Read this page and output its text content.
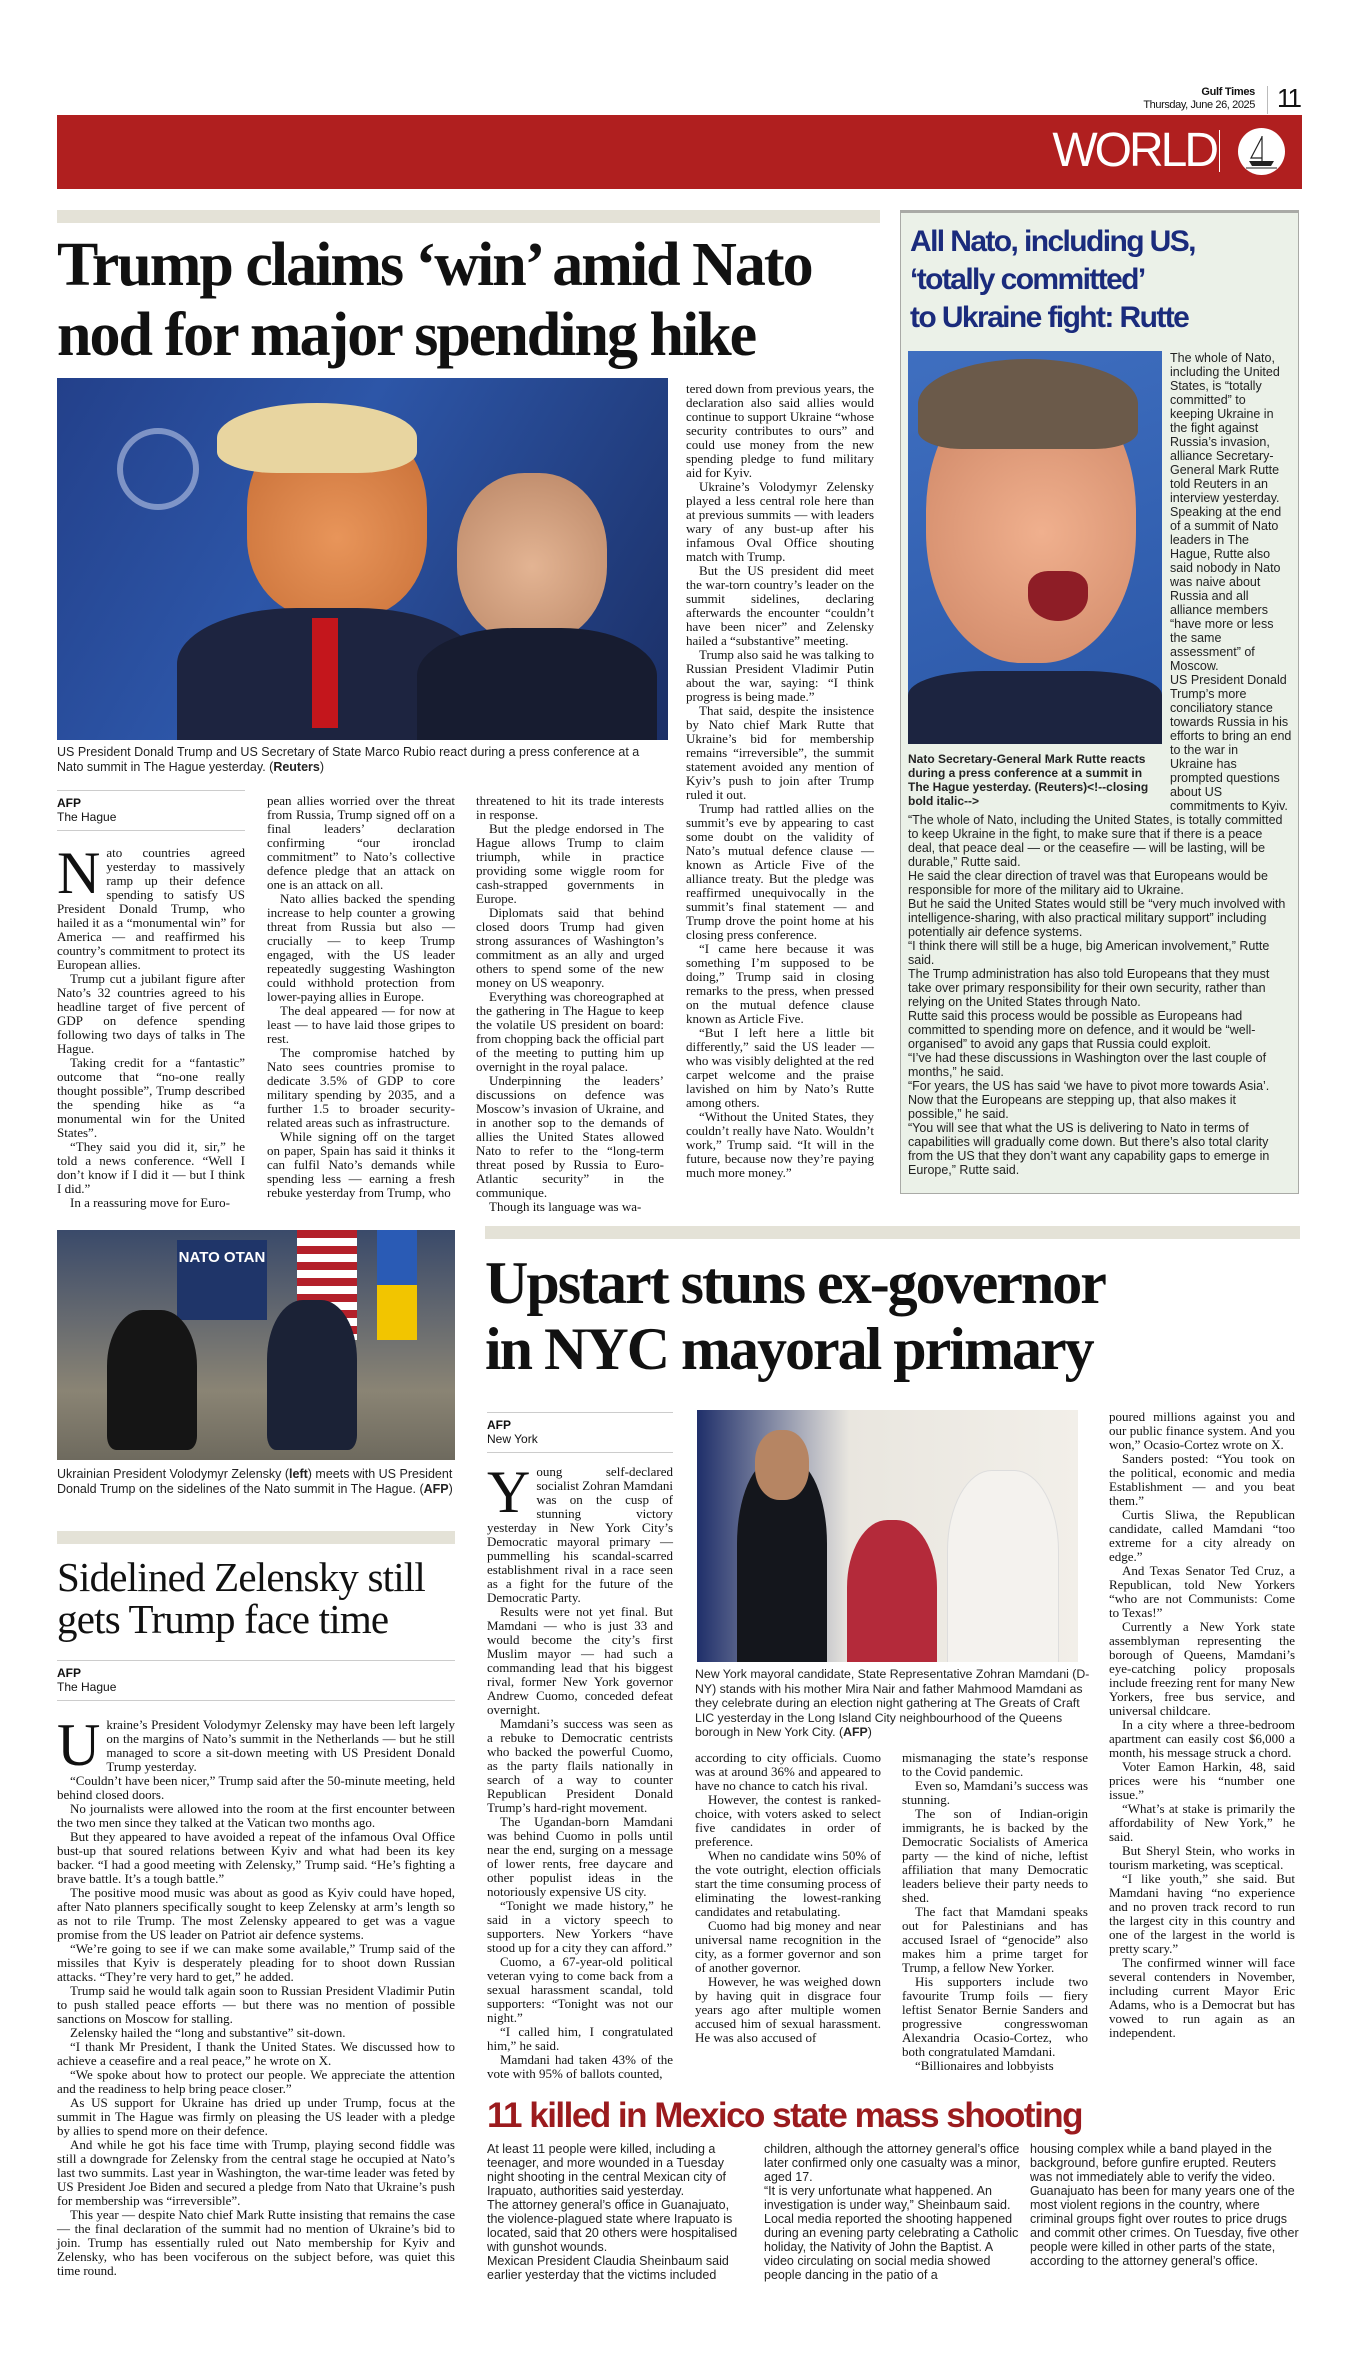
Gulf Times
Thursday, June 26, 2025 11
WORLD
Trump claims ‘win’ amid Nato
nod for major spending hike
US President Donald Trump and US Secretary of State Marco Rubio react during a press conference at a Nato summit in The Hague yesterday. (Reuters)
AFP
The Hague

Nato countries agreed yesterday to massively ramp up their defence spending to satisfy US President Donald Trump, who hailed it as a “monumental win” for America — and reaffirmed his country’s commitment to protect its European allies.

Trump cut a jubilant figure after Nato’s 32 countries agreed to his headline target of five percent of GDP on defence spending following two days of talks in The Hague.

Taking credit for a “fantastic” outcome that “no-one really thought possible”, Trump described the spending hike as “a monumental win for the United States”.

“They said you did it, sir,” he told a news conference. “Well I don’t know if I did it — but I think I did.”

In a reassuring move for Euro-

pean allies worried over the threat from Russia, Trump signed off on a final leaders’ declaration confirming “our ironclad commitment” to Nato’s collective defence pledge that an attack on one is an attack on all.

Nato allies backed the spending increase to help counter a growing threat from Russia but also — crucially — to keep Trump engaged, with the US leader repeatedly suggesting Washington could withhold protection from lower-paying allies in Europe.

The deal appeared — for now at least — to have laid those gripes to rest.

The compromise hatched by Nato sees countries promise to dedicate 3.5% of GDP to core military spending by 2035, and a further 1.5 to broader security-related areas such as infrastructure.

While signing off on the target on paper, Spain has said it thinks it can fulfil Nato’s demands while spending less — earning a fresh rebuke yesterday from Trump, who

threatened to hit its trade interests in response.

But the pledge endorsed in The Hague allows Trump to claim triumph, while in practice providing some wiggle room for cash-strapped governments in Europe.

Diplomats said that behind closed doors Trump had given strong assurances of Washington’s commitment as an ally and urged others to spend some of the new money on US weaponry.

Everything was choreographed at the gathering in The Hague to keep the volatile US president on board: from chopping back the official part of the meeting to putting him up overnight in the royal palace.

Underpinning the leaders’ discussions on defence was Moscow’s invasion of Ukraine, and in another sop to the demands of allies the United States allowed Nato to refer to the “long-term threat posed by Russia to Euro-Atlantic security” in the communique.

Though its language was wa-

tered down from previous years, the declaration also said allies would continue to support Ukraine “whose security contributes to ours” and could use money from the new spending pledge to fund military aid for Kyiv.

Ukraine’s Volodymyr Zelensky played a less central role here than at previous summits — with leaders wary of any bust-up after his infamous Oval Office shouting match with Trump.

But the US president did meet the war-torn country’s leader on the summit sidelines, declaring afterwards the encounter “couldn’t have been nicer” and Zelensky hailed a “substantive” meeting.

Trump also said he was talking to Russian President Vladimir Putin about the war, saying: “I think progress is being made.”

That said, despite the insistence by Nato chief Mark Rutte that Ukraine’s bid for membership remains “irreversible”, the summit statement avoided any mention of Kyiv’s push to join after Trump ruled it out.

Trump had rattled allies on the summit’s eve by appearing to cast some doubt on the validity of Nato’s mutual defence clause — known as Article Five of the alliance treaty. But the pledge was reaffirmed unequivocally in the summit’s final statement — and Trump drove the point home at his closing press conference.

“I came here because it was something I’m supposed to be doing,” Trump said in closing remarks to the press, when pressed on the mutual defence clause known as Article Five.

“But I left here a little bit differently,” said the US leader — who was visibly delighted at the red carpet welcome and the praise lavished on him by Nato’s Rutte among others.

“Without the United States, they couldn’t really have Nato. Wouldn’t work,” Trump said. “It will in the future, because now they’re paying much more money.”

All Nato, including US,
‘totally committed’
to Ukraine fight: Rutte
Nato Secretary-General Mark Rutte reacts during a press conference at a summit in The Hague yesterday. (Reuters)<!--closing bold italic-->

The whole of Nato, including the United States, is “totally committed” to keeping Ukraine in the fight against Russia’s invasion, alliance Secretary-General Mark Rutte told Reuters in an interview yesterday.

Speaking at the end of a summit of Nato leaders in The Hague, Rutte also said nobody in Nato was naive about Russia and all alliance members “have more or less the same assessment” of Moscow.

US President Donald Trump’s more conciliatory stance towards Russia in his efforts to bring an end to the war in

Ukraine has prompted questions about US commitments to Kyiv.

“The whole of Nato, including the United States, is totally committed to keep Ukraine in the fight, to make sure that if there is a peace deal, that peace deal — or the ceasefire — will be lasting, will be durable,” Rutte said.

He said the clear direction of travel was that Europeans would be responsible for more of the military aid to Ukraine.

But he said the United States would still be “very much involved with intelligence-sharing, with also practical military support” including potentially air defence systems.

“I think there will still be a huge, big American involvement,” Rutte said.

The Trump administration has also told Europeans that they must take over primary responsibility for their own security, rather than relying on the United States through Nato.

Rutte said this process would be possible as Europeans had committed to spending more on defence, and it would be “well-organised” to avoid any gaps that Russia could exploit.

“I’ve had these discussions in Washington over the last couple of months,” he said.

“For years, the US has said ‘we have to pivot more towards Asia’. Now that the Europeans are stepping up, that also makes it possible,” he said.

“You will see that what the US is delivering to Nato in terms of capabilities will gradually come down. But there’s also total clarity from the US that they don’t want any capability gaps to emerge in Europe,” Rutte said.

NATO OTAN
Ukrainian President Volodymyr Zelensky (left) meets with US President Donald Trump on the sidelines of the Nato summit in The Hague. (AFP)
Sidelined Zelensky still
gets Trump face time
AFP
The Hague

Ukraine’s President Volodymyr Zelensky may have been left largely on the margins of Nato’s summit in the Netherlands — but he still managed to score a sit-down meeting with US President Donald Trump yesterday.

“Couldn’t have been nicer,” Trump said after the 50-minute meeting, held behind closed doors.

No journalists were allowed into the room at the first encounter between the two men since they talked at the Vatican two months ago.

But they appeared to have avoided a repeat of the infamous Oval Office bust-up that soured relations between Kyiv and what had been its key backer. “I had a good meeting with Zelensky,” Trump said. “He’s fighting a brave battle. It’s a tough battle.”

The positive mood music was about as good as Kyiv could have hoped, after Nato planners specifically sought to keep Zelensky at arm’s length so as not to rile Trump. The most Zelensky appeared to get was a vague promise from the US leader on Patriot air defence systems.

“We’re going to see if we can make some available,” Trump said of the missiles that Kyiv is desperately pleading for to shoot down Russian attacks. “They’re very hard to get,” he added.

Trump said he would talk again soon to Russian President Vladimir Putin to push stalled peace efforts — but there was no mention of possible sanctions on Moscow for stalling.

Zelensky hailed the “long and substantive” sit-down.

“I thank Mr President, I thank the United States. We discussed how to achieve a ceasefire and a real peace,” he wrote on X.

“We spoke about how to protect our people. We appreciate the attention and the readiness to help bring peace closer.”

As US support for Ukraine has dried up under Trump, focus at the summit in The Hague was firmly on pleasing the US leader with a pledge by allies to spend more on their defence.

And while he got his face time with Trump, playing second fiddle was still a downgrade for Zelensky from the central stage he occupied at Nato’s last two summits. Last year in Washington, the war-time leader was feted by US President Joe Biden and secured a pledge from Nato that Ukraine’s push for membership was “irreversible”.

This year — despite Nato chief Mark Rutte insisting that remains the case — the final declaration of the summit had no mention of Ukraine’s bid to join. Trump has essentially ruled out Nato membership for Kyiv and Zelensky, who has been vociferous on the subject before, was quiet this time round.

Upstart stuns ex-governor
in NYC mayoral primary
AFP
New York

Young self-declared socialist Zohran Mamdani was on the cusp of stunning victory yesterday in New York City’s Democratic mayoral primary —pummelling his scandal-scarred establishment rival in a race seen as a fight for the future of the Democratic Party.

Results were not yet final. But Mamdani — who is just 33 and would become the city’s first Muslim mayor — had such a commanding lead that his biggest rival, former New York governor Andrew Cuomo, conceded defeat overnight.

Mamdani’s success was seen as a rebuke to Democratic centrists who backed the powerful Cuomo, as the party flails nationally in search of a way to counter Republican President Donald Trump’s hard-right movement.

The Ugandan-born Mamdani was behind Cuomo in polls until near the end, surging on a message of lower rents, free daycare and other populist ideas in the notoriously expensive US city.

“Tonight we made history,” he said in a victory speech to supporters. New Yorkers “have stood up for a city they can afford.”

Cuomo, a 67-year-old political veteran vying to come back from a sexual harassment scandal, told supporters: “Tonight was not our night.”

“I called him, I congratulated him,” he said.

Mamdani had taken 43% of the vote with 95% of ballots counted,

New York mayoral candidate, State Representative Zohran Mamdani (D-NY) stands with his mother Mira Nair and father Mahmood Mamdani as they celebrate during an election night gathering at The Greats of Craft LIC yesterday in the Long Island City neighbourhood of the Queens borough in New York City. (AFP)

according to city officials. Cuomo was at around 36% and appeared to have no chance to catch his rival.

However, the contest is ranked-choice, with voters asked to select five candidates in order of preference.

When no candidate wins 50% of the vote outright, election officials start the time consuming process of eliminating the lowest-ranking candidates and retabulating.

Cuomo had big money and near universal name recognition in the city, as a former governor and son of another governor.

However, he was weighed down by having quit in disgrace four years ago after multiple women accused him of sexual harassment. He was also accused of

mismanaging the state’s response to the Covid pandemic.

Even so, Mamdani’s success was stunning.

The son of Indian-origin immigrants, he is backed by the Democratic Socialists of America party — the kind of niche, leftist affiliation that many Democratic leaders believe their party needs to shed.

The fact that Mamdani speaks out for Palestinians and has accused Israel of “genocide” also makes him a prime target for Trump, a fellow New Yorker.

His supporters include two favourite Trump foils — fiery leftist Senator Bernie Sanders and progressive congresswoman Alexandria Ocasio-Cortez, who both congratulated Mamdani.

“Billionaires and lobbyists

poured millions against you and our public finance system. And you won,” Ocasio-Cortez wrote on X.

Sanders posted: “You took on the political, economic and media Establishment — and you beat them.”

Curtis Sliwa, the Republican candidate, called Mamdani “too extreme for a city already on edge.”

And Texas Senator Ted Cruz, a Republican, told New Yorkers “who are not Communists: Come to Texas!”

Currently a New York state assemblyman representing the borough of Queens, Mamdani’s eye-catching policy proposals include freezing rent for many New Yorkers, free bus service, and universal childcare.

In a city where a three-bedroom apartment can easily cost $6,000 a month, his message struck a chord.

Voter Eamon Harkin, 48, said prices were his “number one issue.”

“What’s at stake is primarily the affordability of New York,” he said.

But Sheryl Stein, who works in tourism marketing, was sceptical.

“I like youth,” she said. But Mamdani having “no experience and no proven track record to run the largest city in this country and one of the largest in the world is pretty scary.”

The confirmed winner will face several contenders in November, including current Mayor Eric Adams, who is a Democrat but has vowed to run again as an independent.

11 killed in Mexico state mass shooting

At least 11 people were killed, including a teenager, and more wounded in a Tuesday night shooting in the central Mexican city of Irapuato, authorities said yesterday.

The attorney general’s office in Guanajuato, the violence-plagued state where Irapuato is located, said that 20 others were hospitalised with gunshot wounds.

Mexican President Claudia Sheinbaum said earlier yesterday that the victims included

children, although the attorney general’s office later confirmed only one casualty was a minor, aged 17.

“It is very unfortunate what happened. An investigation is under way,” Sheinbaum said.

Local media reported the shooting happened during an evening party celebrating a Catholic holiday, the Nativity of John the Baptist. A video circulating on social media showed people dancing in the patio of a

housing complex while a band played in the background, before gunfire erupted. Reuters was not immediately able to verify the video.

Guanajuato has been for many years one of the most violent regions in the country, where criminal groups fight over routes to price drugs and commit other crimes. On Tuesday, five other people were killed in other parts of the state, according to the attorney general’s office.
